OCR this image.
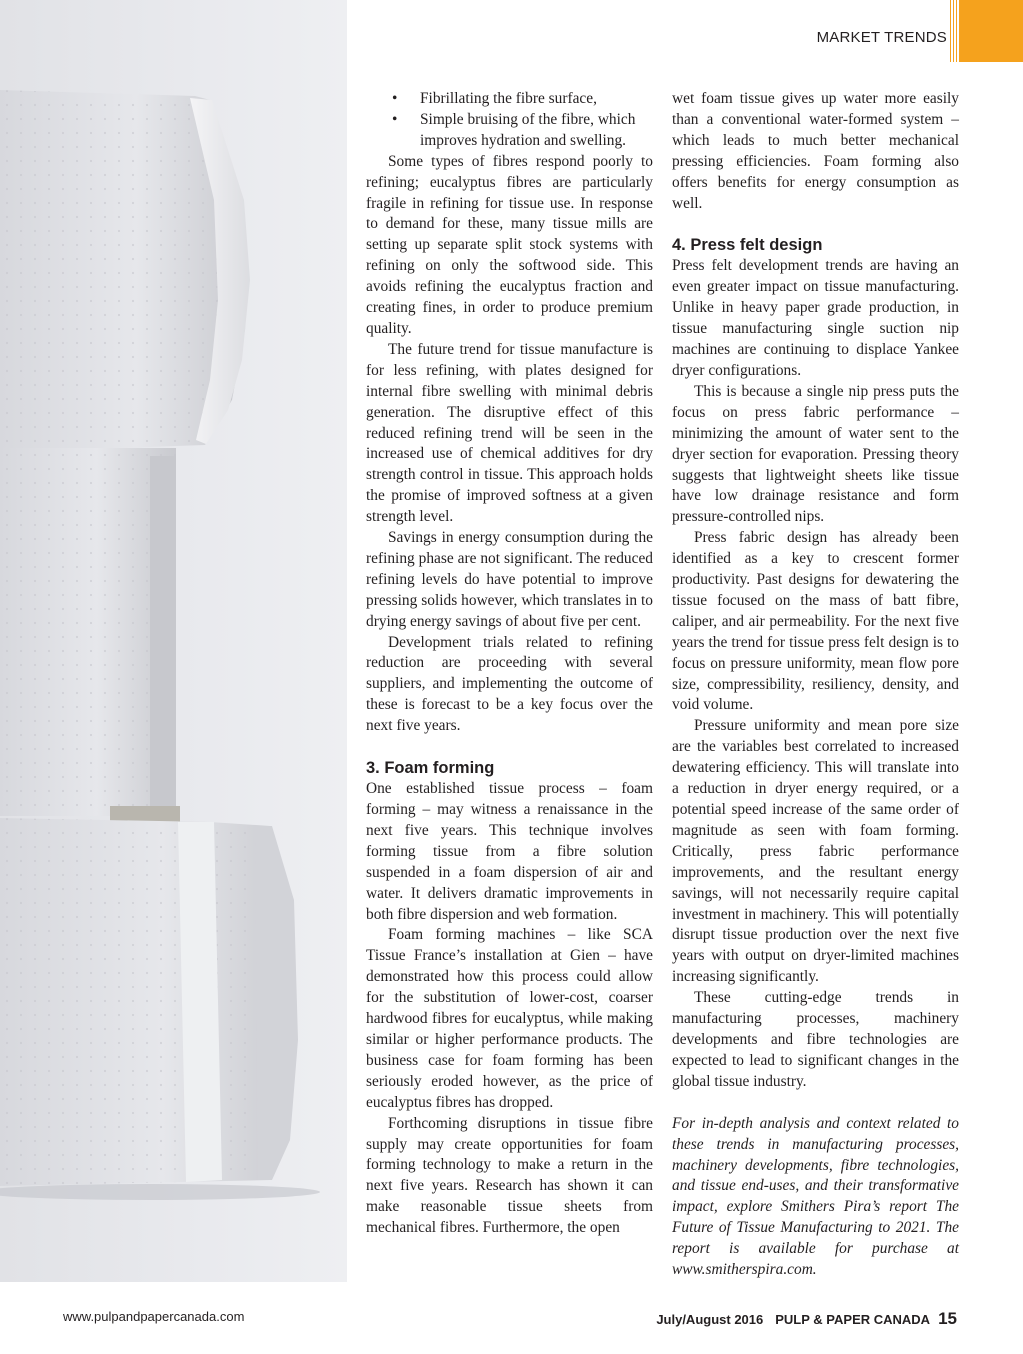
MARKET TRENDS
• Fibrillating the fibre surface,
• Simple bruising of the fibre, which improves hydration and swelling.

Some types of fibres respond poorly to refining; eucalyptus fibres are particularly fragile in refining for tissue use. In response to demand for these, many tissue mills are setting up separate split stock systems with refining on only the softwood side. This avoids refining the eucalyptus fraction and creating fines, in order to produce premium quality.

The future trend for tissue manufacture is for less refining, with plates designed for internal fibre swelling with minimal debris generation. The disruptive effect of this reduced refining trend will be seen in the increased use of chemical additives for dry strength control in tissue. This approach holds the promise of improved softness at a given strength level.

Savings in energy consumption during the refining phase are not significant. The reduced refining levels do have potential to improve pressing solids however, which translates in to drying energy savings of about five per cent.

Development trials related to refining reduction are proceeding with several suppliers, and implementing the outcome of these is forecast to be a key focus over the next five years.

3. Foam forming

One established tissue process – foam forming – may witness a renaissance in the next five years. This technique involves forming tissue from a fibre solution suspended in a foam dispersion of air and water. It delivers dramatic improvements in both fibre dispersion and web formation.

Foam forming machines – like SCA Tissue France’s installation at Gien – have demonstrated how this process could allow for the substitution of lower-cost, coarser hardwood fibres for eucalyptus, while making similar or higher performance products. The business case for foam forming has been seriously eroded however, as the price of eucalyptus fibres has dropped.

Forthcoming disruptions in tissue fibre supply may create opportunities for foam forming technology to make a return in the next five years. Research has shown it can make reasonable tissue sheets from mechanical fibres. Furthermore, the open

wet foam tissue gives up water more easily than a conventional water-formed system – which leads to much better mechanical pressing efficiencies. Foam forming also offers benefits for energy consumption as well.

4. Press felt design

Press felt development trends are having an even greater impact on tissue manufacturing. Unlike in heavy paper grade production, in tissue manufacturing single suction nip machines are continuing to displace Yankee dryer configurations.

This is because a single nip press puts the focus on press fabric performance – minimizing the amount of water sent to the dryer section for evaporation. Pressing theory suggests that lightweight sheets like tissue have low drainage resistance and form pressure-controlled nips.

Press fabric design has already been identified as a key to crescent former productivity. Past designs for dewatering the tissue focused on the mass of batt fibre, caliper, and air permeability. For the next five years the trend for tissue press felt design is to focus on pressure uniformity, mean flow pore size, compressibility, resiliency, density, and void volume.

Pressure uniformity and mean pore size are the variables best correlated to increased dewatering efficiency. This will translate into a reduction in dryer energy required, or a potential speed increase of the same order of magnitude as seen with foam forming. Critically, press fabric performance improvements, and the resultant energy savings, will not necessarily require capital investment in machinery. This will potentially disrupt tissue production over the next five years with output on dryer-limited machines increasing significantly.

These cutting-edge trends in manufacturing processes, machinery developments and fibre technologies are expected to lead to significant changes in the global tissue industry.

For in-depth analysis and context related to these trends in manufacturing processes, machinery developments, fibre technologies, and tissue end-uses, and their transformative impact, explore Smithers Pira’s report The Future of Tissue Manufacturing to 2021. The report is available for purchase at www.smitherspira.com.

www.pulpandpapercanada.com	July/August 2016 PULP & PAPER CANADA 15
